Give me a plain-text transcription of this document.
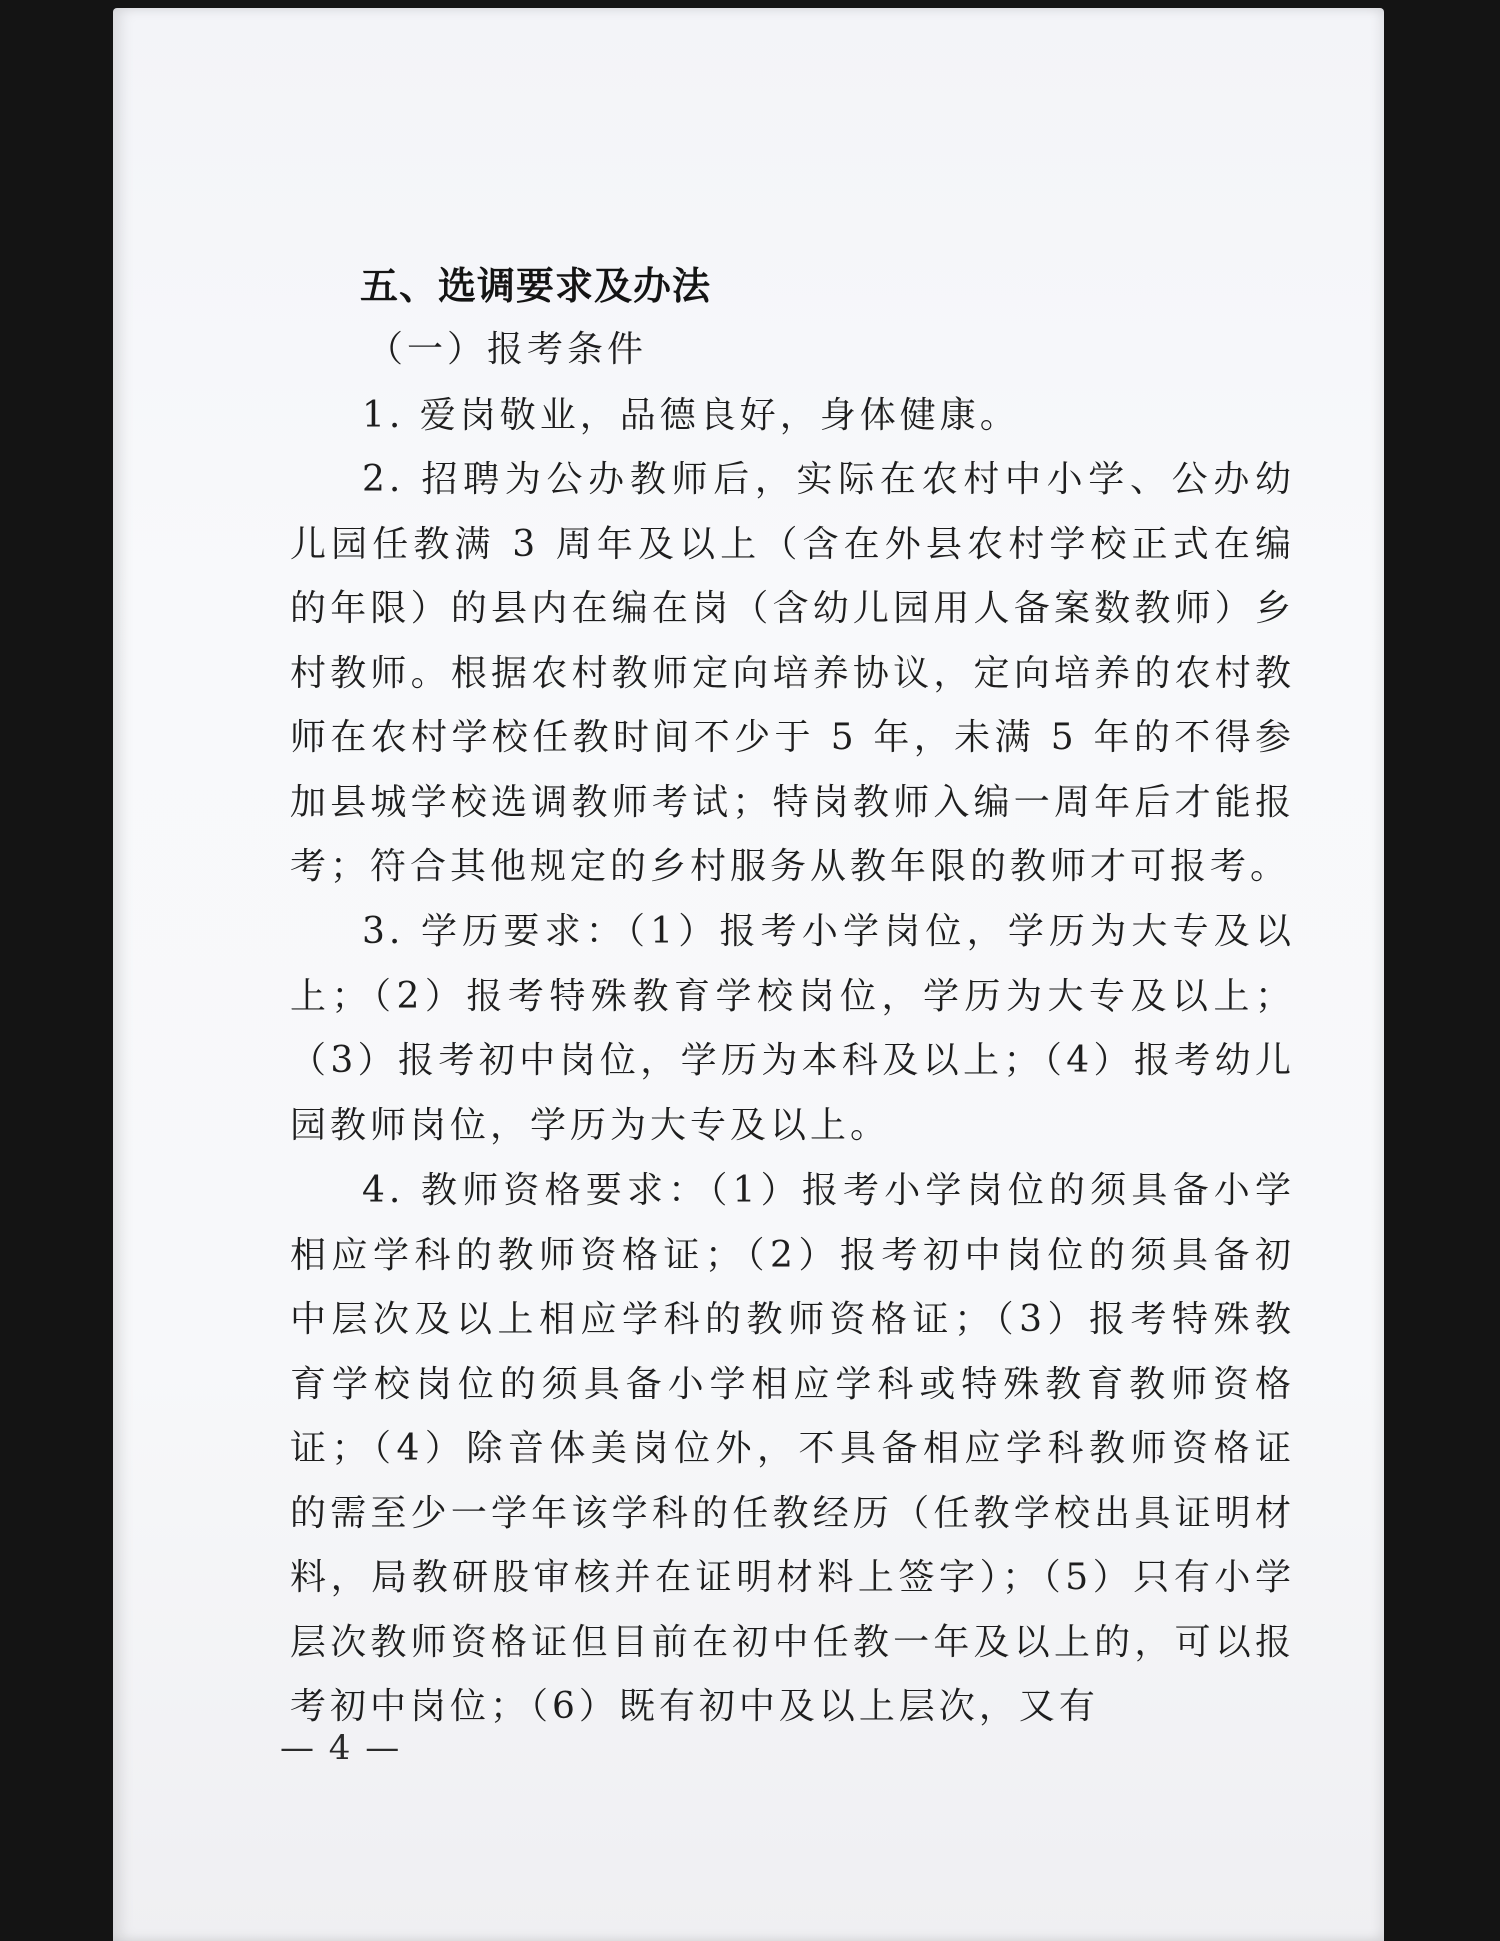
五、选调要求及办法
（一）报考条件

1. 爱岗敬业，品德良好，身体健康。

2. 招聘为公办教师后，实际在农村中小学、公办幼儿园任教满 3 周年及以上（含在外县农村学校正式在编的年限）的县内在编在岗（含幼儿园用人备案数教师）乡村教师。根据农村教师定向培养协议，定向培养的农村教师在农村学校任教时间不少于 5 年，未满 5 年的不得参加县城学校选调教师考试；特岗教师入编一周年后才能报考；符合其他规定的乡村服务从教年限的教师才可报考。

3. 学历要求：（1）报考小学岗位，学历为大专及以上；（2）报考特殊教育学校岗位，学历为大专及以上；（3）报考初中岗位，学历为本科及以上；（4）报考幼儿园教师岗位，学历为大专及以上。

4. 教师资格要求：（1）报考小学岗位的须具备小学相应学科的教师资格证；（2）报考初中岗位的须具备初中层次及以上相应学科的教师资格证；（3）报考特殊教育学校岗位的须具备小学相应学科或特殊教育教师资格证；（4）除音体美岗位外，不具备相应学科教师资格证的需至少一学年该学科的任教经历（任教学校出具证明材料，局教研股审核并在证明材料上签字）；（5）只有小学层次教师资格证但目前在初中任教一年及以上的，可以报考初中岗位；（6）既有初中及以上层次，又有

— 4 —
